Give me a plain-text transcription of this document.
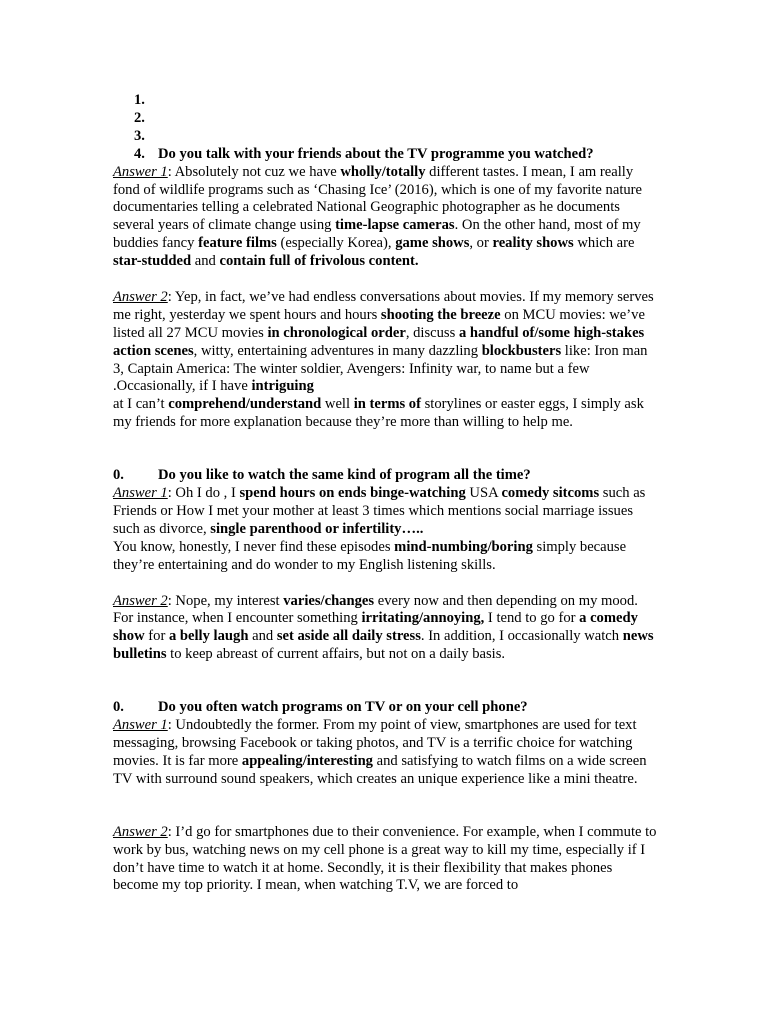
1.
2.
3.
4. Do you talk with your friends about the TV programme you watched?

Answer 1: Absolutely not cuz we have wholly/totally different tastes. I mean, I am really fond of wildlife programs such as ‘Chasing Ice’ (2016), which is one of my favorite nature documentaries telling a celebrated National Geographic photographer as he documents several years of climate change using time-lapse cameras. On the other hand, most of my buddies fancy feature films (especially Korea), game shows, or reality shows which are star-studded and contain full of frivolous content.

Answer 2: Yep, in fact, we’ve had endless conversations about movies. If my memory serves me right, yesterday we spent hours and hours shooting the breeze on MCU movies: we’ve listed all 27 MCU movies in chronological order, discuss a handful of/some high-stakes action scenes, witty, entertaining adventures in many dazzling blockbusters like: Iron man 3, Captain America: The winter soldier, Avengers: Infinity war, to name but a few .Occasionally, if I have intriguing

at I can’t comprehend/understand well in terms of storylines or easter eggs, I simply ask my friends for more explanation because they’re more than willing to help me.

0.	Do you like to watch the same kind of program all the time?

Answer 1: Oh I do , I spend hours on ends binge-watching USA comedy sitcoms such as Friends or How I met your mother at least 3 times which mentions social marriage issues such as divorce, single parenthood or infertility…..

You know, honestly, I never find these episodes mind-numbing/boring simply because they’re entertaining and do wonder to my English listening skills.

Answer 2: Nope, my interest varies/changes every now and then depending on my mood. For instance, when I encounter something irritating/annoying, I tend to go for a comedy show for a belly laugh and set aside all daily stress. In addition, I occasionally watch news bulletins to keep abreast of current affairs, but not on a daily basis.

0.	Do you often watch programs on TV or on your cell phone?

Answer 1: Undoubtedly the former. From my point of view, smartphones are used for text messaging, browsing Facebook or taking photos, and TV is a terrific choice for watching movies. It is far more appealing/interesting and satisfying to watch films on a wide screen TV with surround sound speakers, which creates an unique experience like a mini theatre.

Answer 2: I’d go for smartphones due to their convenience. For example, when I commute to work by bus, watching news on my cell phone is a great way to kill my time, especially if I don’t have time to watch it at home. Secondly, it is their flexibility that makes phones become my top priority. I mean, when watching T.V, we are forced to
